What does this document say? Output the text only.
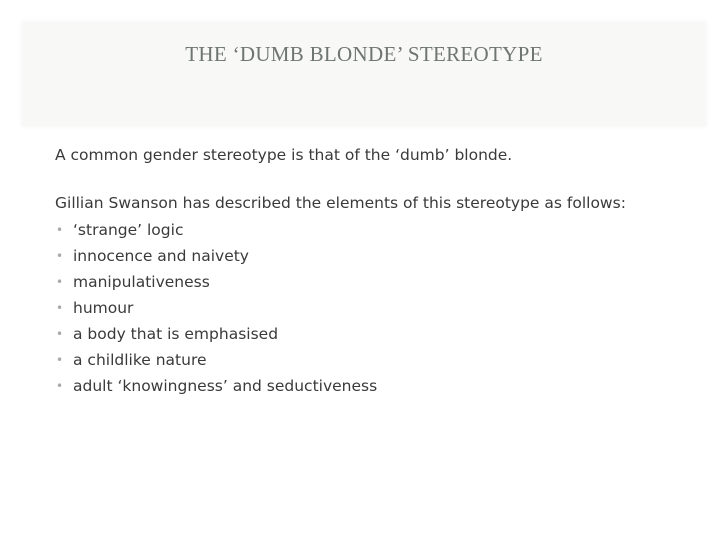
THE ‘DUMB BLONDE’ STEREOTYPE

A common gender stereotype is that of the ‘dumb’ blonde.

Gillian Swanson has described the elements of this stereotype as follows:

• ‘strange’ logic
• innocence and naivety
• manipulativeness
• humour
• a body that is emphasised
• a childlike nature
• adult ‘knowingness’ and seductiveness
